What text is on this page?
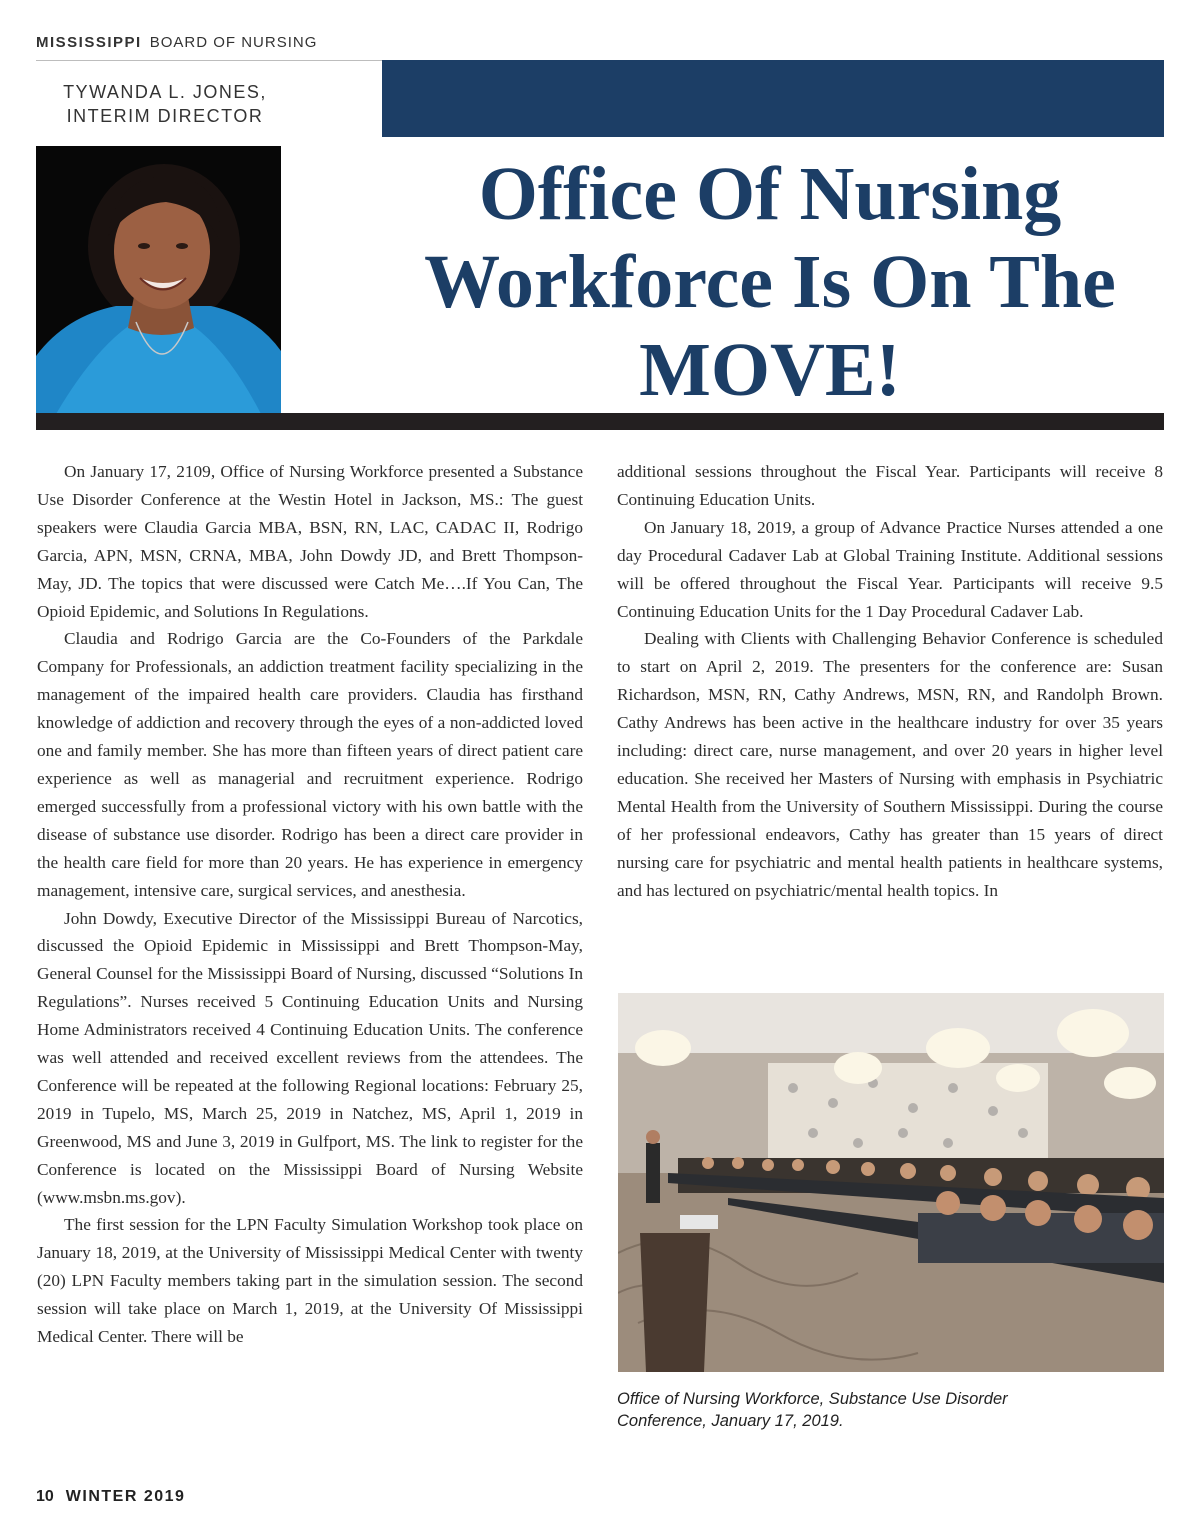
MISSISSIPPI BOARD OF NURSING
TYWANDA L. JONES,
INTERIM DIRECTOR
Office Of Nursing
Workforce Is On The
MOVE!

On January 17, 2109, Office of Nursing Workforce presented a Substance Use Disorder Conference at the Westin Hotel in Jackson, MS.: The guest speakers were Claudia Garcia MBA, BSN, RN, LAC, CADAC II, Rodrigo Garcia, APN, MSN, CRNA, MBA, John Dowdy JD, and Brett Thompson-May, JD. The topics that were discussed were Catch Me….If You Can, The Opioid Epidemic, and Solutions In Regulations.

Claudia and Rodrigo Garcia are the Co-Founders of the Parkdale Company for Professionals, an addiction treatment facility specializing in the management of the impaired health care providers. Claudia has firsthand knowledge of addiction and recovery through the eyes of a non-addicted loved one and family member. She has more than fifteen years of direct patient care experience as well as managerial and recruitment experience. Rodrigo emerged successfully from a professional victory with his own battle with the disease of substance use disorder. Rodrigo has been a direct care provider in the health care field for more than 20 years. He has experience in emergency management, intensive care, surgical services, and anesthesia.

John Dowdy, Executive Director of the Mississippi Bureau of Narcotics, discussed the Opioid Epidemic in Mississippi and Brett Thompson-May, General Counsel for the Mississippi Board of Nursing, discussed “Solutions In Regulations”. Nurses received 5 Continuing Education Units and Nursing Home Administrators received 4 Continuing Education Units. The conference was well attended and received excellent reviews from the attendees. The Conference will be repeated at the following Regional locations: February 25, 2019 in Tupelo, MS, March 25, 2019 in Natchez, MS, April 1, 2019 in Greenwood, MS and June 3, 2019 in Gulfport, MS. The link to register for the Conference is located on the Mississippi Board of Nursing Website (www.msbn.ms.gov).

The first session for the LPN Faculty Simulation Workshop took place on January 18, 2019, at the University of Mississippi Medical Center with twenty (20) LPN Faculty members taking part in the simulation session. The second session will take place on March 1, 2019, at the University Of Mississippi Medical Center. There will be

additional sessions throughout the Fiscal Year. Participants will receive 8 Continuing Education Units.

On January 18, 2019, a group of Advance Practice Nurses attended a one day Procedural Cadaver Lab at Global Training Institute. Additional sessions will be offered throughout the Fiscal Year. Participants will receive 9.5 Continuing Education Units for the 1 Day Procedural Cadaver Lab.

Dealing with Clients with Challenging Behavior Conference is scheduled to start on April 2, 2019. The presenters for the conference are: Susan Richardson, MSN, RN, Cathy Andrews, MSN, RN, and Randolph Brown. Cathy Andrews has been active in the healthcare industry for over 35 years including: direct care, nurse management, and over 20 years in higher level education. She received her Masters of Nursing with emphasis in Psychiatric Mental Health from the University of Southern Mississippi. During the course of her professional endeavors, Cathy has greater than 15 years of direct nursing care for psychiatric and mental health patients in healthcare systems, and has lectured on psychiatric/mental health topics. In

Office of Nursing Workforce, Substance Use Disorder
Conference, January 17, 2019.
10 WINTER 2019
